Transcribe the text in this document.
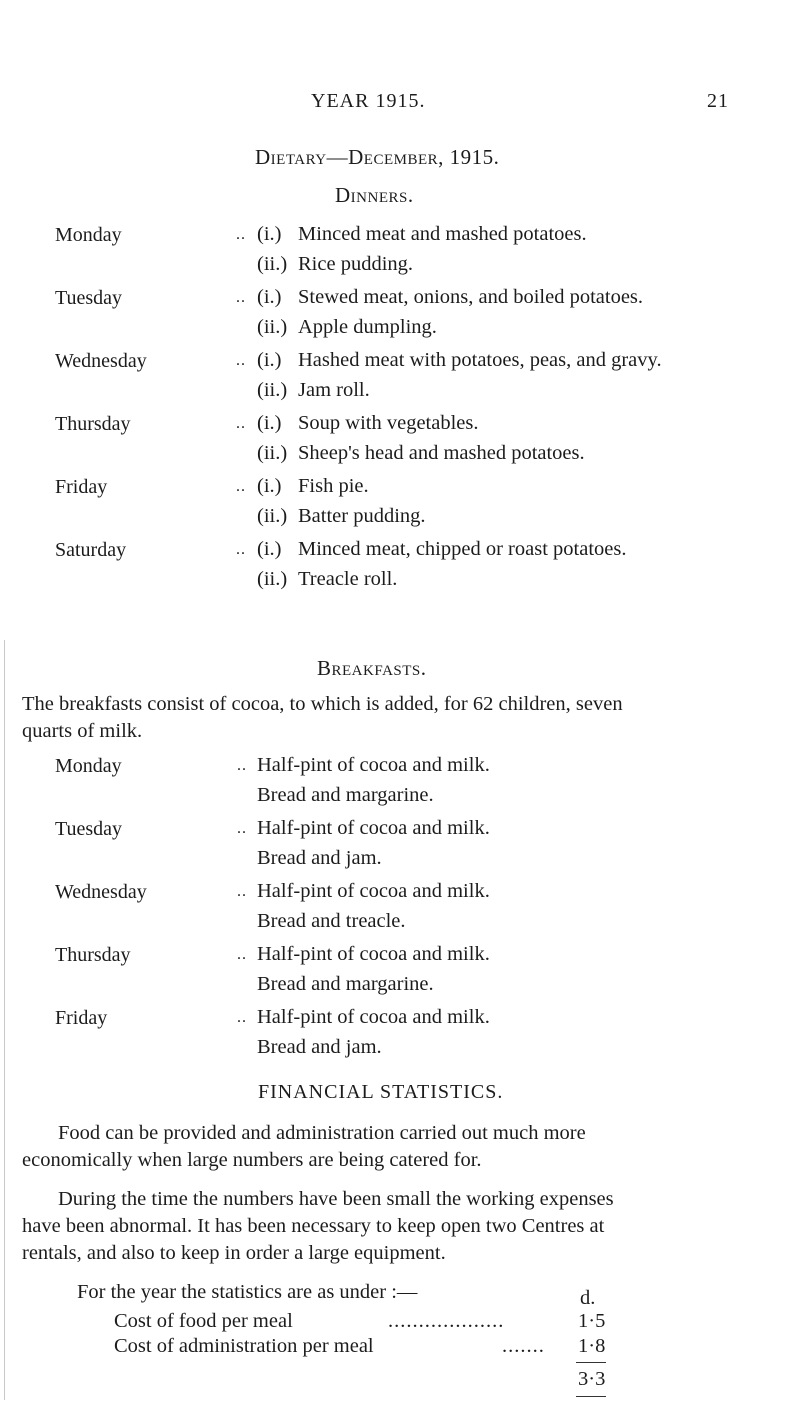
YEAR 1915.	21
Dietary—December, 1915.
Dinners.
Monday	.. (i.) Minced meat and mashed potatoes.
(ii.) Rice pudding.
Tuesday	.. (i.) Stewed meat, onions, and boiled potatoes.
(ii.) Apple dumpling.
Wednesday	.. (i.) Hashed meat with potatoes, peas, and gravy.
(ii.) Jam roll.
Thursday	.. (i.) Soup with vegetables.
(ii.) Sheep's head and mashed potatoes.
Friday	.. (i.) Fish pie.
(ii.) Batter pudding.
Saturday	.. (i.) Minced meat, chipped or roast potatoes.
(ii.) Treacle roll.
Breakfasts.
The breakfasts consist of cocoa, to which is added, for 62 children, seven
quarts of milk.
Monday	.. Half-pint of cocoa and milk.
Bread and margarine.
Tuesday	.. Half-pint of cocoa and milk.
Bread and jam.
Wednesday	.. Half-pint of cocoa and milk.
Bread and treacle.
Thursday	.. Half-pint of cocoa and milk.
Bread and margarine.
Friday	.. Half-pint of cocoa and milk.
Bread and jam.
FINANCIAL STATISTICS.
Food can be provided and administration carried out much more
economically when large numbers are being catered for.
During the time the numbers have been small the working expenses
have been abnormal. It has been necessary to keep open two Centres at
rentals, and also to keep in order a large equipment.
For the year the statistics are as under :—	d.
Cost of food per meal	...................	1·5
Cost of administration per meal	....... 1·8
3·3
